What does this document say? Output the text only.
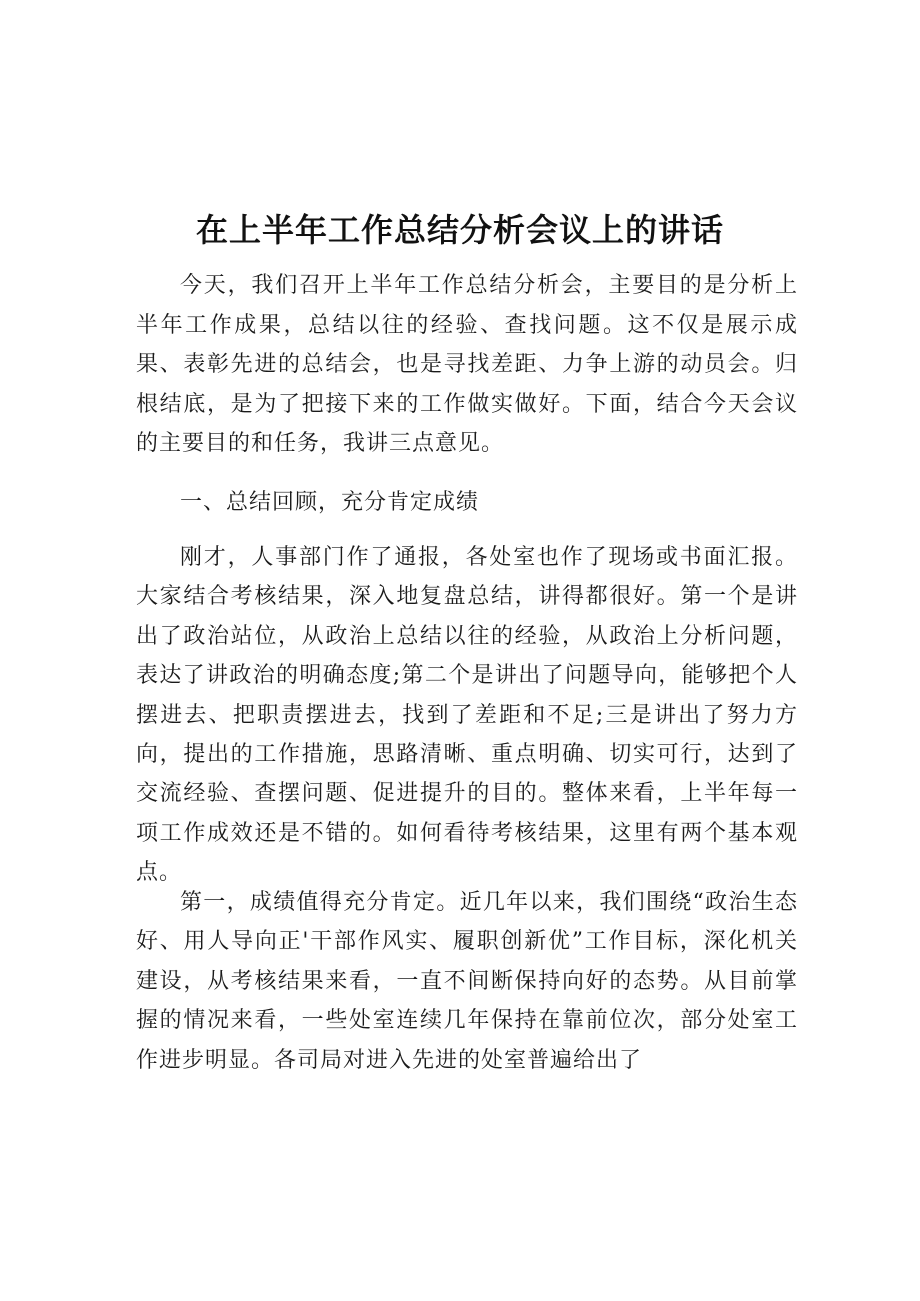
在上半年工作总结分析会议上的讲话

今天，我们召开上半年工作总结分析会，主要目的是分析上半年工作成果，总结以往的经验、查找问题。这不仅是展示成果、表彰先进的总结会，也是寻找差距、力争上游的动员会。归根结底，是为了把接下来的工作做实做好。下面，结合今天会议的主要目的和任务，我讲三点意见。

一、总结回顾，充分肯定成绩

刚才，人事部门作了通报，各处室也作了现场或书面汇报。大家结合考核结果，深入地复盘总结，讲得都很好。第一个是讲出了政治站位，从政治上总结以往的经验，从政治上分析问题，表达了讲政治的明确态度;第二个是讲出了问题导向，能够把个人摆进去、把职责摆进去，找到了差距和不足;三是讲出了努力方向，提出的工作措施，思路清晰、重点明确、切实可行，达到了交流经验、查摆问题、促进提升的目的。整体来看，上半年每一项工作成效还是不错的。如何看待考核结果，这里有两个基本观点。

第一，成绩值得充分肯定。近几年以来，我们围绕“政治生态好、用人导向正'干部作风实、履职创新优”工作目标，深化机关建设，从考核结果来看，一直不间断保持向好的态势。从目前掌握的情况来看，一些处室连续几年保持在靠前位次，部分处室工作进步明显。各司局对进入先进的处室普遍给出了
